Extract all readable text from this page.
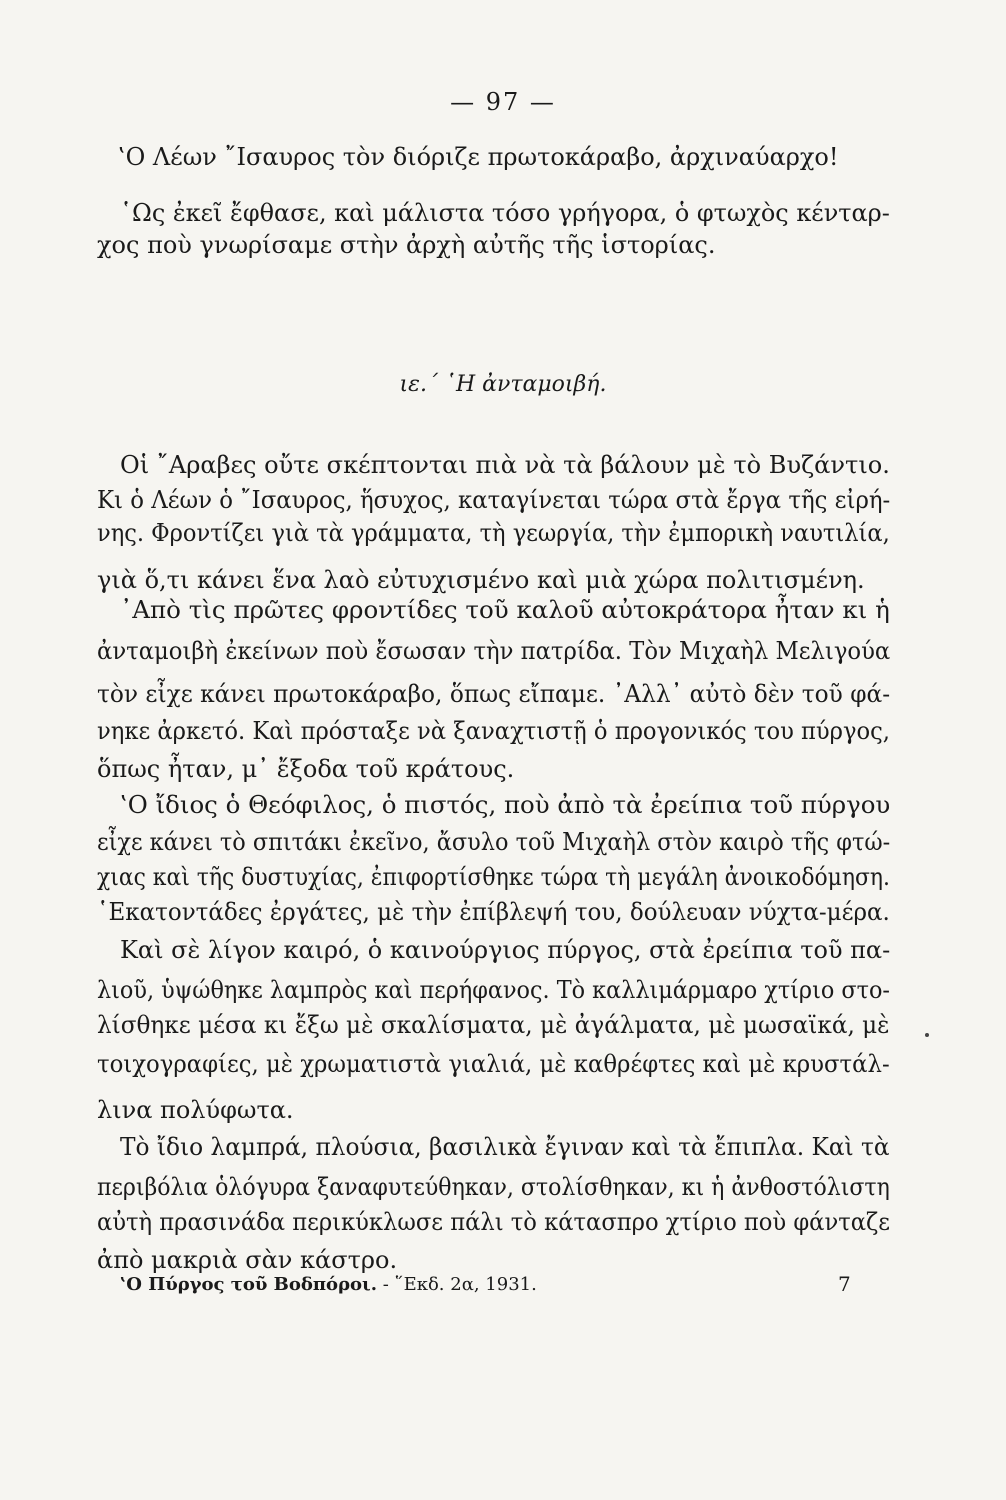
— 97 —
‛Ο Λέων ῎Ισαυρος τὸν διόριζε πρωτοκάραβο, ἀρχιναύαρχο!
῾Ως ἐκεῖ ἔφθασε, καὶ μάλιστα τόσο γρήγορα, ὁ φτωχὸς κένταρ-
χος ποὺ γνωρίσαμε στὴν ἀρχὴ αὐτῆς τῆς ἱστορίας.
ιε.΄ ῾Η ἀνταμοιβή.
Οἱ ῎Αραβες οὔτε σκέπτονται πιὰ νὰ τὰ βάλουν μὲ τὸ Βυζάντιο.
Κι ὁ Λέων ὁ ῎Ισαυρος, ἥσυχος, καταγίνεται τώρα στὰ ἔργα τῆς εἰρή-
νης. Φροντίζει γιὰ τὰ γράμματα, τὴ γεωργία, τὴν ἐμπορικὴ ναυτιλία,
γιὰ ὅ,τι κάνει ἕνα λαὸ εὐτυχισμένο καὶ μιὰ χώρα πολιτισμένη.
᾿Απὸ τὶς πρῶτες φροντίδες τοῦ καλοῦ αὐτοκράτορα ἦταν κι ἡ
ἀνταμοιβὴ ἐκείνων ποὺ ἔσωσαν τὴν πατρίδα. Τὸν Μιχαὴλ Μελιγούα
τὸν εἶχε κάνει πρωτοκάραβο, ὅπως εἴπαμε. ᾿Αλλ᾿ αὐτὸ δὲν τοῦ φά-
νηκε ἀρκετό. Καὶ πρόσταξε νὰ ξαναχτιστῇ ὁ προγονικός του πύργος,
ὅπως ἦταν, μ᾿ ἔξοδα τοῦ κράτους.
‛Ο ἴδιος ὁ Θεόφιλος, ὁ πιστός, ποὺ ἀπὸ τὰ ἐρείπια τοῦ πύργου
εἶχε κάνει τὸ σπιτάκι ἐκεῖνο, ἄσυλο τοῦ Μιχαὴλ στὸν καιρὸ τῆς φτώ-
χιας καὶ τῆς δυστυχίας, ἐπιφορτίσθηκε τώρα τὴ μεγάλη ἀνοικοδόμηση.
῾Εκατοντάδες ἐργάτες, μὲ τὴν ἐπίβλεψή του, δούλευαν νύχτα-μέρα.
Καὶ σὲ λίγον καιρό, ὁ καινούργιος πύργος, στὰ ἐρείπια τοῦ πα-
λιοῦ, ὑψώθηκε λαμπρὸς καὶ περήφανος. Τὸ καλλιμάρμαρο χτίριο στο-
λίσθηκε μέσα κι ἔξω μὲ σκαλίσματα, μὲ ἀγάλματα, μὲ μωσαϊκά, μὲ
τοιχογραφίες, μὲ χρωματιστὰ γιαλιά, μὲ καθρέφτες καὶ μὲ κρυστάλ-
λινα πολύφωτα.
Τὸ ἴδιο λαμπρά, πλούσια, βασιλικὰ ἔγιναν καὶ τὰ ἔπιπλα. Καὶ τὰ
περιβόλια ὁλόγυρα ξαναφυτεύθηκαν, στολίσθηκαν, κι ἡ ἀνθοστόλιστη
αὐτὴ πρασινάδα περικύκλωσε πάλι τὸ κάτασπρο χτίριο ποὺ φάνταζε
ἀπὸ μακριὰ σὰν κάστρο.
‛Ο Πύργος τοῦ Βοδπόροι. - ῞Εκδ. 2α, 1931.	7
